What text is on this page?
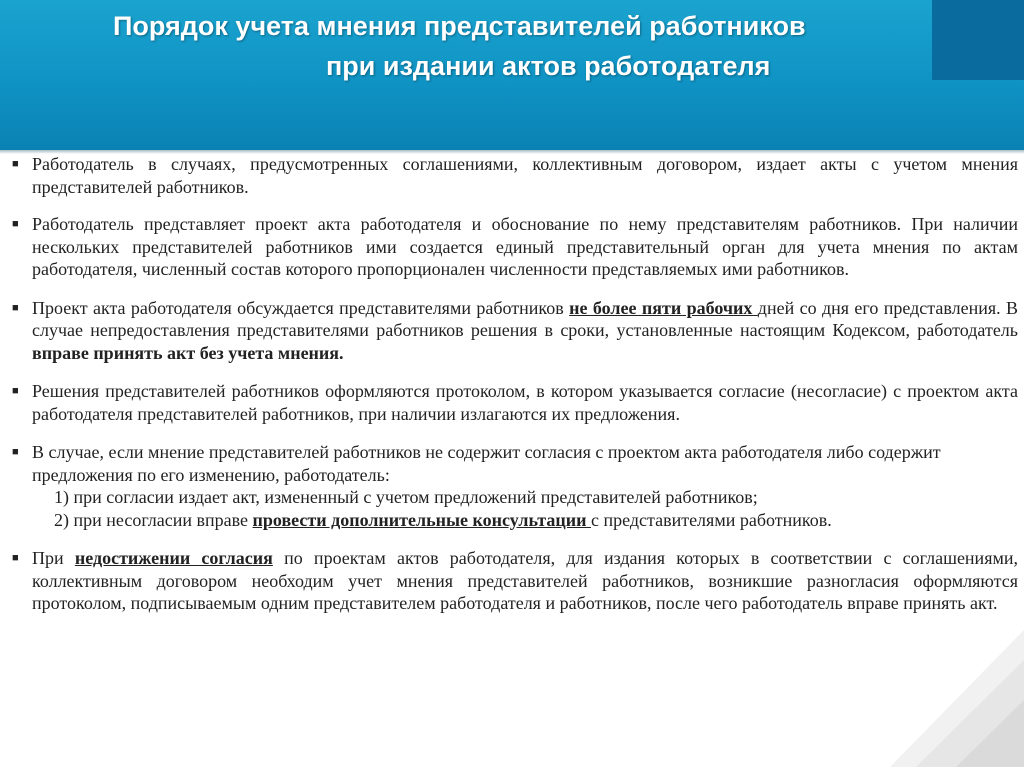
Порядок учета мнения представителей работников
при издании актов работодателя

■ Работодатель в случаях, предусмотренных соглашениями, коллективным договором, издает акты с учетом мнения представителей работников.

■ Работодатель представляет проект акта работодателя и обоснование по нему представителям работников. При наличии нескольких представителей работников ими создается единый представительный орган для учета мнения по актам работодателя, численный состав которого пропорционален численности представляемых ими работников.

■ Проект акта работодателя обсуждается представителями работников не более пяти рабочих дней со дня его представления. В случае непредоставления представителями работников решения в сроки, установленные настоящим Кодексом, работодатель вправе принять акт без учета мнения.

■ Решения представителей работников оформляются протоколом, в котором указывается согласие (несогласие) с проектом акта работодателя представителей работников, при наличии излагаются их предложения.

■ В случае, если мнение представителей работников не содержит согласия с проектом акта работодателя либо содержит предложения по его изменению, работодатель:
1) при согласии издает акт, измененный с учетом предложений представителей работников;
2) при несогласии вправе провести дополнительные консультации с представителями работников.

■ При недостижении согласия по проектам актов работодателя, для издания которых в соответствии с соглашениями, коллективным договором необходим учет мнения представителей работников, возникшие разногласия оформляются протоколом, подписываемым одним представителем работодателя и работников, после чего работодатель вправе принять акт.
